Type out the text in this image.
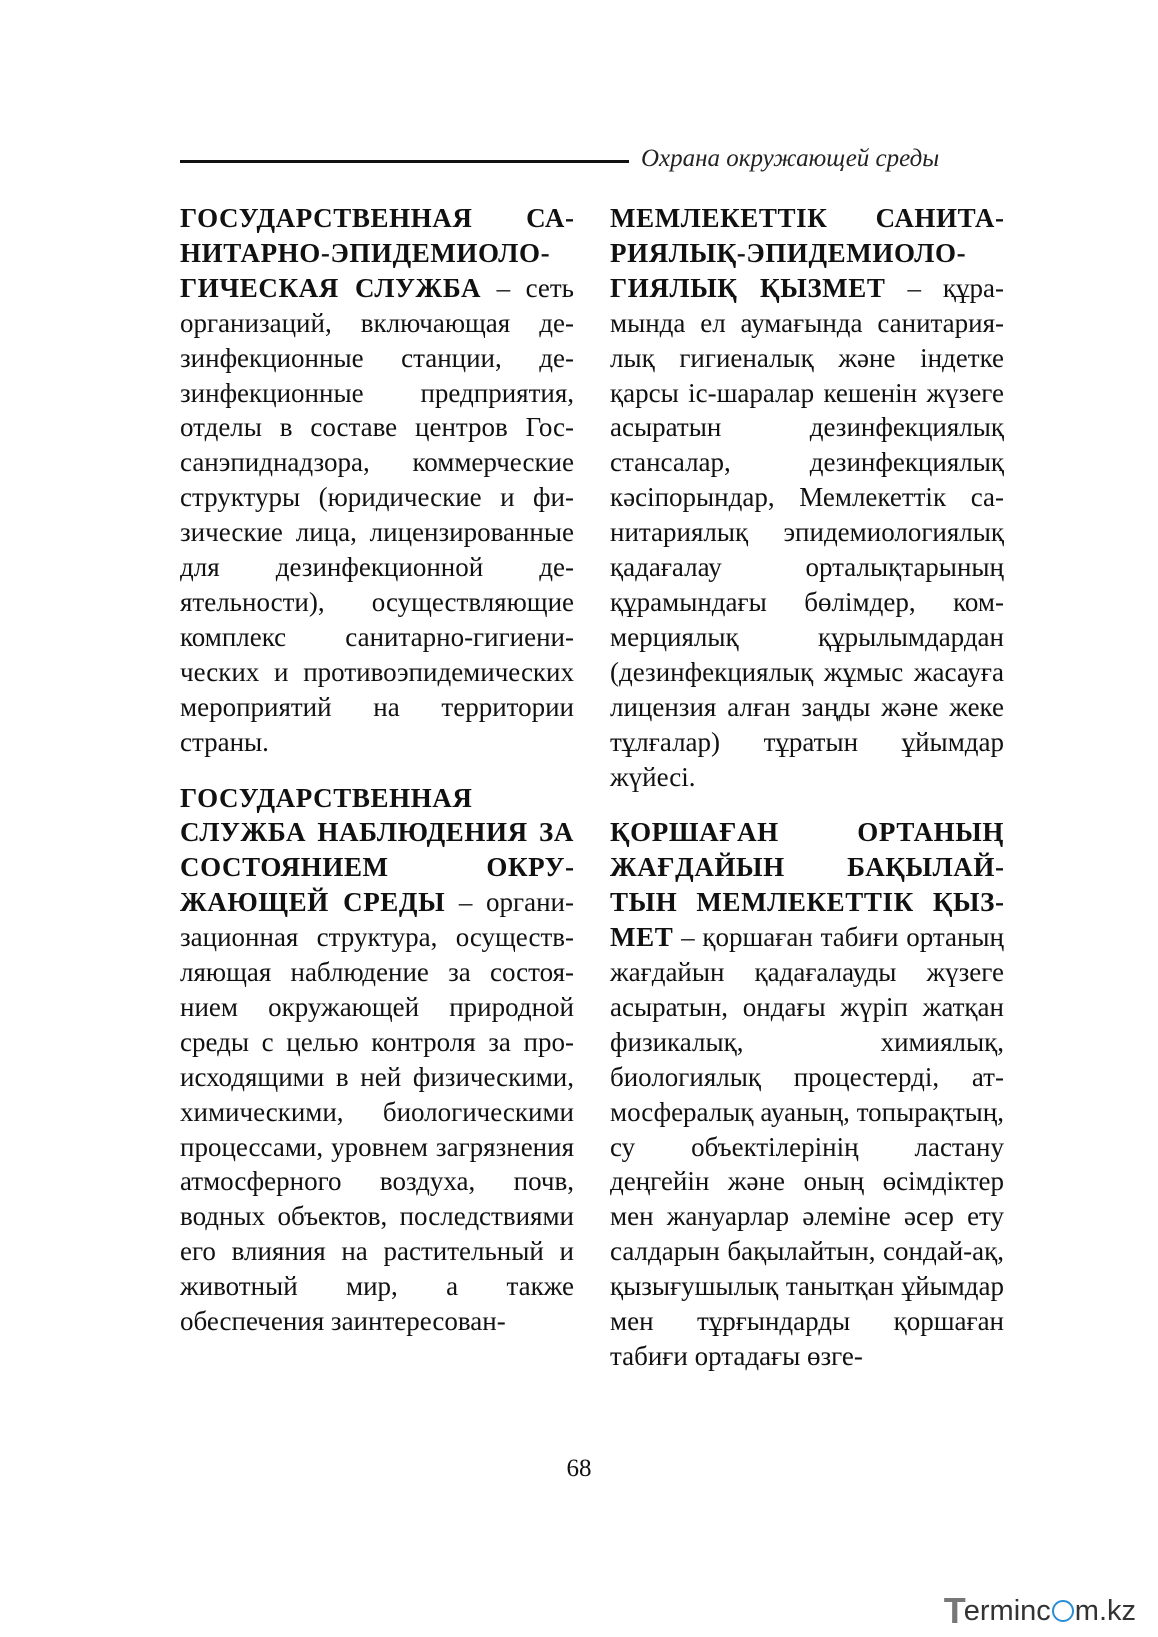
Охрана окружающей среды

ГОСУДАРСТВЕННАЯ САНИТАРНО-ЭПИДЕМИОЛОГИЧЕСКАЯ СЛУЖБА – сеть организаций, включающая дезинфекционные станции, дезинфекционные предприятия, отделы в составе центров Госсанэпиднадзора, коммерческие структуры (юридические и физические лица, лицензированные для дезинфекционной деятельности), осуществляющие комплекс санитарно-гигиенических и противоэпидемических мероприятий на территории страны.

ГОСУДАРСТВЕННАЯ СЛУЖБА НАБЛЮДЕНИЯ ЗА СОСТОЯНИЕМ ОКРУЖАЮЩЕЙ СРЕДЫ – организационная структура, осуществляющая наблюдение за состоянием окружающей природной среды с целью контроля за происходящими в ней физическими, химическими, биологическими процессами, уровнем загрязнения атмосферного воздуха, почв, водных объектов, последствиями его влияния на растительный и животный мир, а также обеспечения заинтересован-

МЕМЛЕКЕТТІК САНИТАРИЯЛЫҚ-ЭПИДЕМИОЛОГИЯЛЫҚ ҚЫЗМЕТ – құрамында ел аумағында санитариялық гигиеналық және індетке қарсы іс-шаралар кешенін жүзеге асыратын дезинфекциялық стансалар, дезинфекциялық кәсіпорындар, Мемлекеттік санитариялық эпидемиологиялық қадағалау орталықтарының құрамындағы бөлімдер, коммерциялық құрылымдардан (дезинфекциялық жұмыс жасауға лицензия алған заңды және жеке тұлғалар) тұратын ұйымдар жүйесі.

ҚОРШАҒАН ОРТАНЫҢ ЖАҒДАЙЫН БАҚЫЛАЙТЫН МЕМЛЕКЕТТІК ҚЫЗМЕТ – қоршаған табиғи ортаның жағдайын қадағалауды жүзеге асыратын, ондағы жүріп жатқан физикалық, химиялық, биологиялық процестерді, атмосфералық ауаның, топырақтың, су объектілерінің ластану деңгейін және оның өсімдіктер мен жануарлар әлеміне әсер ету салдарын бақылайтын, сондай-ақ, қызығушылық танытқан ұйымдар мен тұрғындарды қоршаған табиғи ортадағы өзге-

68
T
erminc m.kz
